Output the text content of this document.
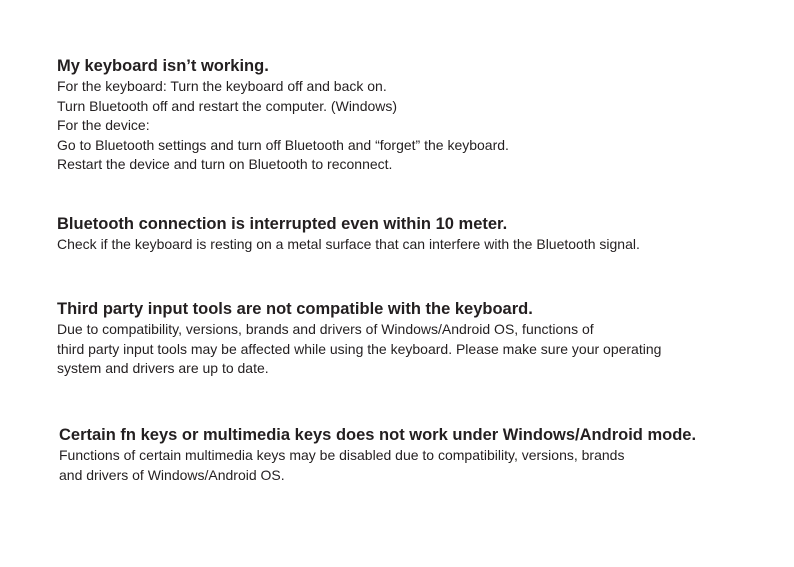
My keyboard isn’t working.

For the keyboard: Turn the keyboard off and back on.

Turn Bluetooth off and restart the computer. (Windows)

For the device:

Go to Bluetooth settings and turn off Bluetooth and “forget” the keyboard.

Restart the device and turn on Bluetooth to reconnect.

Bluetooth connection is interrupted even within 10 meter.

Check if the keyboard is resting on a metal surface that can interfere with the Bluetooth signal.

Third party input tools are not compatible with the keyboard.

Due to compatibility, versions, brands and drivers of Windows/Android OS, functions of

third party input tools may be affected while using the keyboard. Please make sure your operating

system and drivers are up to date.

Certain fn keys or multimedia keys does not work under Windows/Android mode.

Functions of certain multimedia keys may be disabled due to compatibility, versions, brands

and drivers of Windows/Android OS.
